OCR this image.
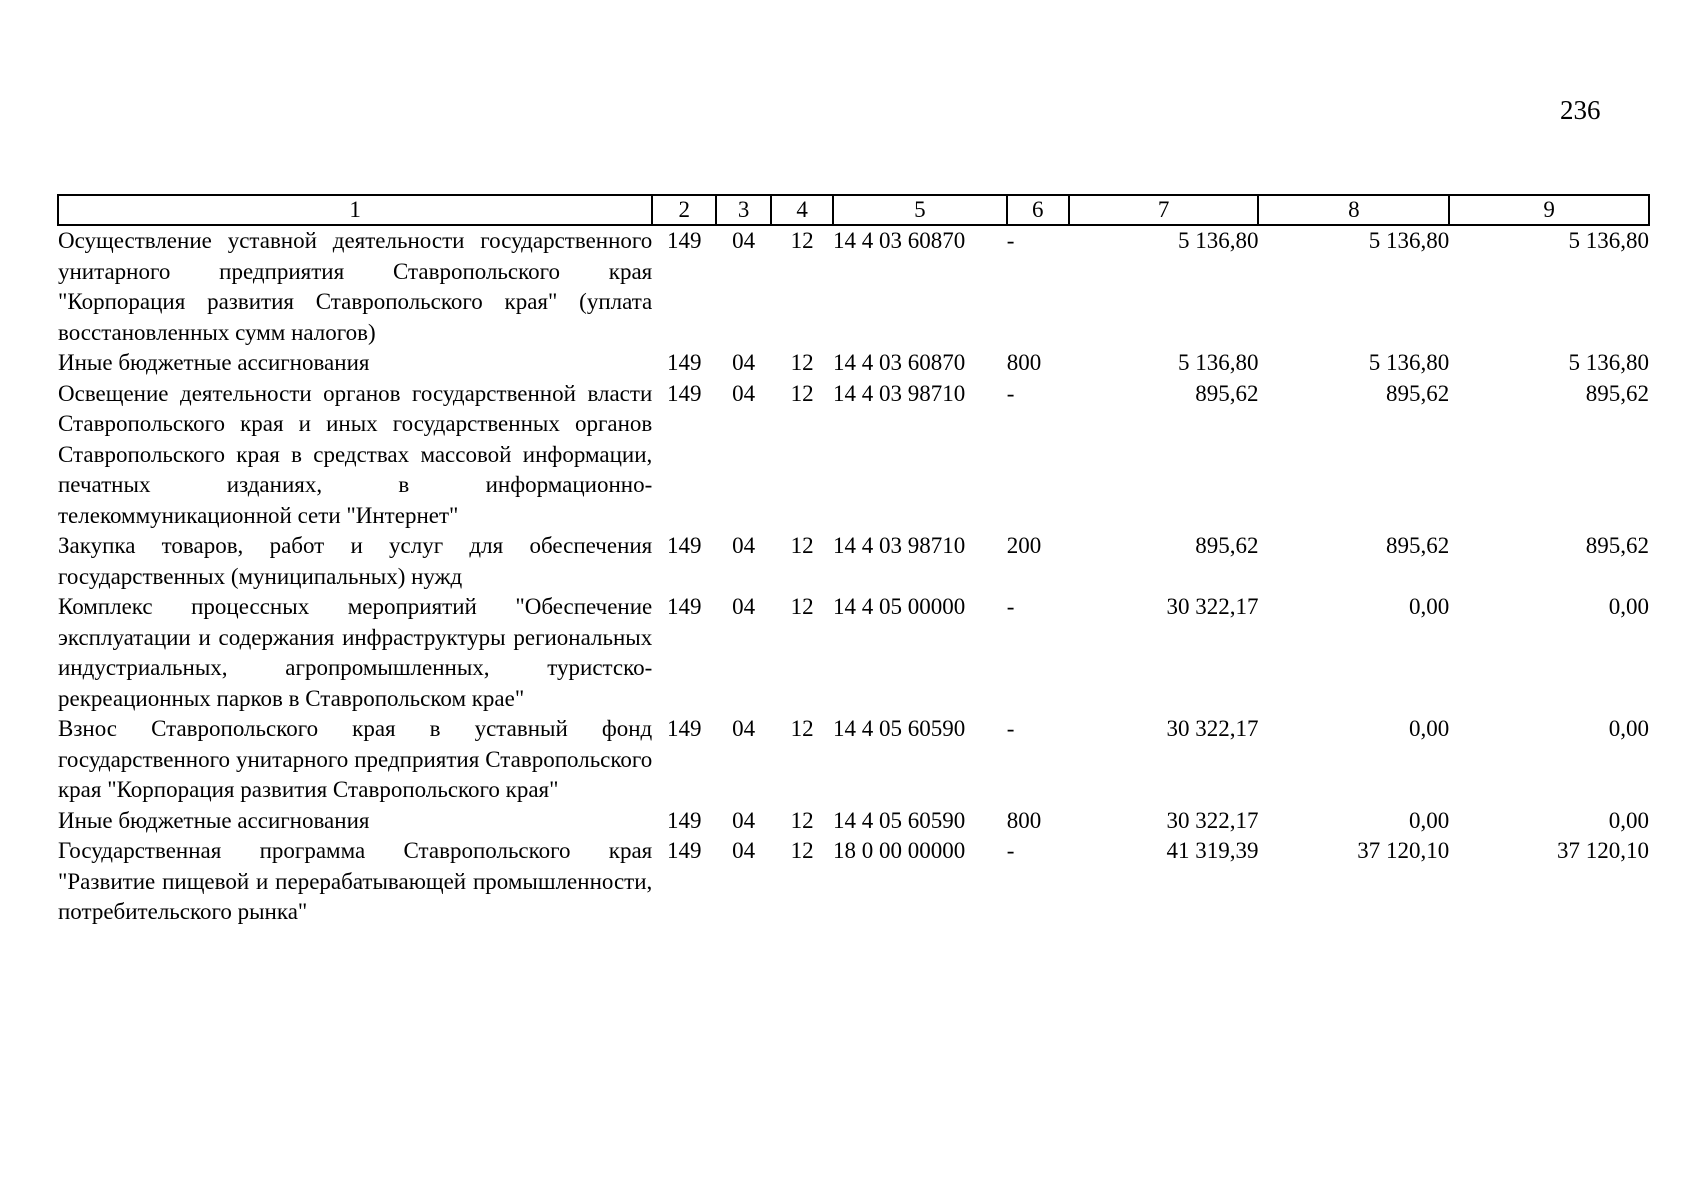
236
1	2	3	4	5	6	7	8	9
Осуществление уставной деятельности государственного унитарного предприятия Ставропольского края "Корпорация развития Ставропольского края" (уплата восстановленных сумм налогов)	149	04	12	14 4 03 60870	-	5 136,80	5 136,80	5 136,80
Иные бюджетные ассигнования	149	04	12	14 4 03 60870	800	5 136,80	5 136,80	5 136,80
Освещение деятельности органов государственной власти Ставропольского края и иных государственных органов Ставропольского края в средствах массовой информации, печатных изданиях, в информационно-телекоммуникационной сети "Интернет"	149	04	12	14 4 03 98710	-	895,62	895,62	895,62
Закупка товаров, работ и услуг для обеспечения государственных (муниципальных) нужд	149	04	12	14 4 03 98710	200	895,62	895,62	895,62
Комплекс процессных мероприятий "Обеспечение эксплуатации и содержания инфраструктуры региональных индустриальных, агропромышленных, туристско-рекреационных парков в Ставропольском крае"	149	04	12	14 4 05 00000	-	30 322,17	0,00	0,00
Взнос Ставропольского края в уставный фонд государственного унитарного предприятия Ставропольского края "Корпорация развития Ставропольского края"	149	04	12	14 4 05 60590	-	30 322,17	0,00	0,00
Иные бюджетные ассигнования	149	04	12	14 4 05 60590	800	30 322,17	0,00	0,00
Государственная программа Ставропольского края "Развитие пищевой и перерабатывающей промышленности, потребительского рынка"	149	04	12	18 0 00 00000	-	41 319,39	37 120,10	37 120,10
